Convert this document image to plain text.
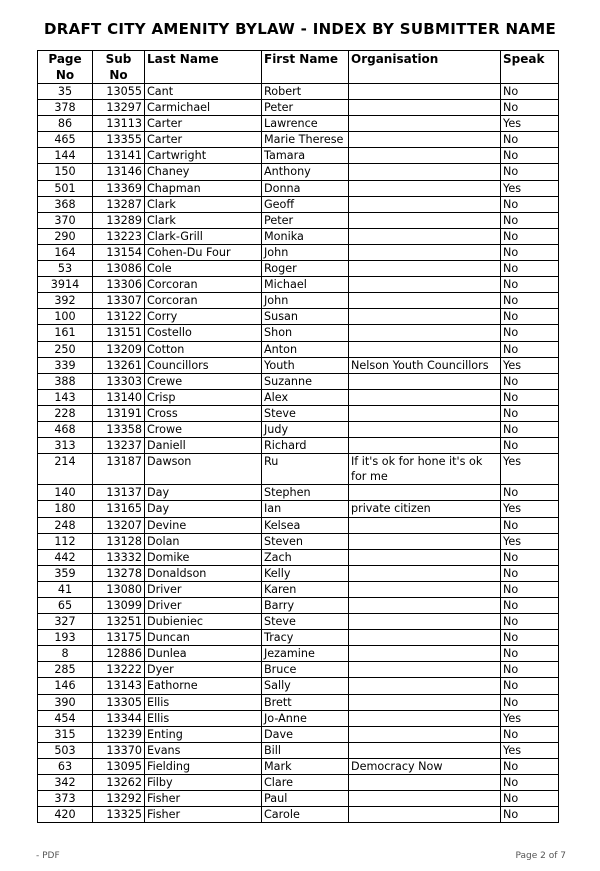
DRAFT CITY AMENITY BYLAW - INDEX BY SUBMITTER NAME
Page No	Sub No	Last Name	First Name	Organisation	Speak
35	13055	Cant	Robert		No
378	13297	Carmichael	Peter		No
86	13113	Carter	Lawrence		Yes
465	13355	Carter	Marie Therese		No
144	13141	Cartwright	Tamara		No
150	13146	Chaney	Anthony		No
501	13369	Chapman	Donna		Yes
368	13287	Clark	Geoff		No
370	13289	Clark	Peter		No
290	13223	Clark-Grill	Monika		No
164	13154	Cohen-Du Four	John		No
53	13086	Cole	Roger		No
3914	13306	Corcoran	Michael		No
392	13307	Corcoran	John		No
100	13122	Corry	Susan		No
161	13151	Costello	Shon		No
250	13209	Cotton	Anton		No
339	13261	Councillors	Youth	Nelson Youth Councillors	Yes
388	13303	Crewe	Suzanne		No
143	13140	Crisp	Alex		No
228	13191	Cross	Steve		No
468	13358	Crowe	Judy		No
313	13237	Daniell	Richard		No
214	13187	Dawson	Ru	If it's ok for hone it's ok for me	Yes
140	13137	Day	Stephen		No
180	13165	Day	Ian	private citizen	Yes
248	13207	Devine	Kelsea		No
112	13128	Dolan	Steven		Yes
442	13332	Domike	Zach		No
359	13278	Donaldson	Kelly		No
41	13080	Driver	Karen		No
65	13099	Driver	Barry		No
327	13251	Dubieniec	Steve		No
193	13175	Duncan	Tracy		No
8	12886	Dunlea	Jezamine		No
285	13222	Dyer	Bruce		No
146	13143	Eathorne	Sally		No
390	13305	Ellis	Brett		No
454	13344	Ellis	Jo-Anne		Yes
315	13239	Enting	Dave		No
503	13370	Evans	Bill		Yes
63	13095	Fielding	Mark	Democracy Now	No
342	13262	Filby	Clare		No
373	13292	Fisher	Paul		No
420	13325	Fisher	Carole		No
- PDF	Page 2 of 7
